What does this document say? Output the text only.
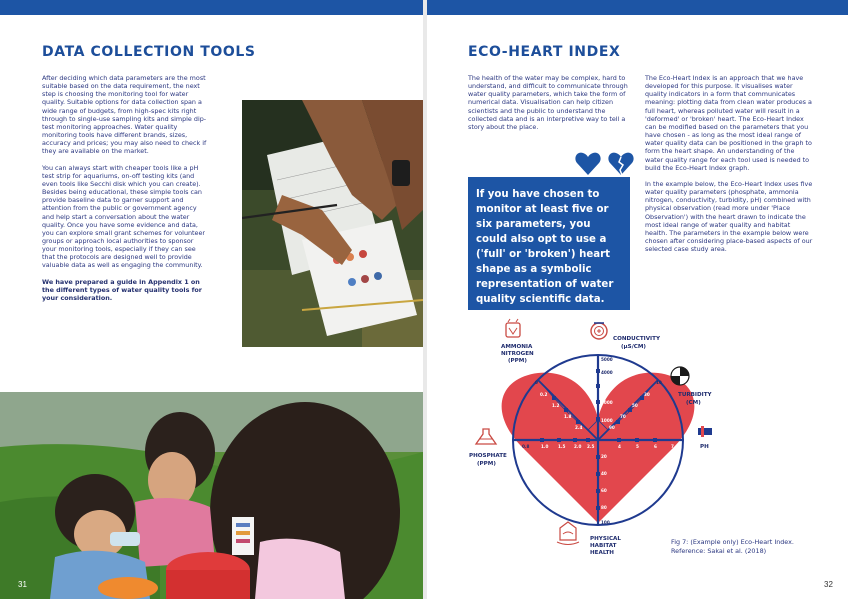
DATA COLLECTION TOOLS

After deciding which data parameters are the most suitable based on the data requirement, the next step is choosing the monitoring tool for water quality. Suitable options for data collection span a wide range of budgets, from high-spec kits right through to single-use sampling kits and simple dip-test monitoring approaches. Water quality monitoring tools have different brands, sizes, accuracy and prices; you may also need to check if they are available on the market.

You can always start with cheaper tools like a pH test strip for aquariums, on-off testing kits (and even tools like Secchi disk which you can create). Besides being educational, these simple tools can provide baseline data to garner support and attention from the public or government agency and help start a conversation about the water quality. Once you have some evidence and data, you can explore small grant schemes for volunteer groups or approach local authorities to sponsor your monitoring tools, especially if they can see that the protocols are designed well to provide valuable data as well as engaging the community.

We have prepared a guide in Appendix 1 on the different types of water quality tools for your consideration.

31
ECO-HEART INDEX

The health of the water may be complex, hard to understand, and difficult to communicate through water quality parameters, which take the form of numerical data. Visualisation can help citizen scientists and the public to understand the collected data and is an interpretive way to tell a story about the place.

If you have chosen to monitor at least five or six parameters, you could also opt to use a ('full' or 'broken') heart shape as a symbolic representation of water quality scientific data.

The Eco-Heart Index is an approach that we have developed for this purpose. It visualises water quality indicators in a form that communicates meaning: plotting data from clean water produces a full heart, whereas polluted water will result in a 'deformed' or 'broken' heart. The Eco-Heart Index can be modified based on the parameters that you have chosen - as long as the most ideal range of water quality data can be positioned in the graph to form the heart shape. An understanding of the water quality range for each tool used is needed to build the Eco-Heart Index graph.

In the example below, the Eco-Heart Index uses five water quality parameters (phosphate, ammonia nitrogen, conductivity, turbidity, pH) combined with physical observation (read more under 'Place Observation') with the heart drawn to indicate the most ideal range of water quality and habitat health. The parameters in the example below were chosen after considering place-based aspects of our selected case study area.

5000
4000
3000
2000
1000
20
40
60
80
100
0.8	1.0 1.5 2.0 2.5	4	5	6	7
0
0.2
1.2
1.8
2.4
10
30
50
70
90
CONDUCTIVITY
(μS/CM)
AMMONIA
NITROGEN
(PPM)
TURBIDITY
(CM)
PH
PHOSPHATE
(PPM)
PHYSICAL
HABITAT
HEALTH
Fig 7: (Example only) Eco-Heart Index.
Reference: Sakai et al. (2018)
32
